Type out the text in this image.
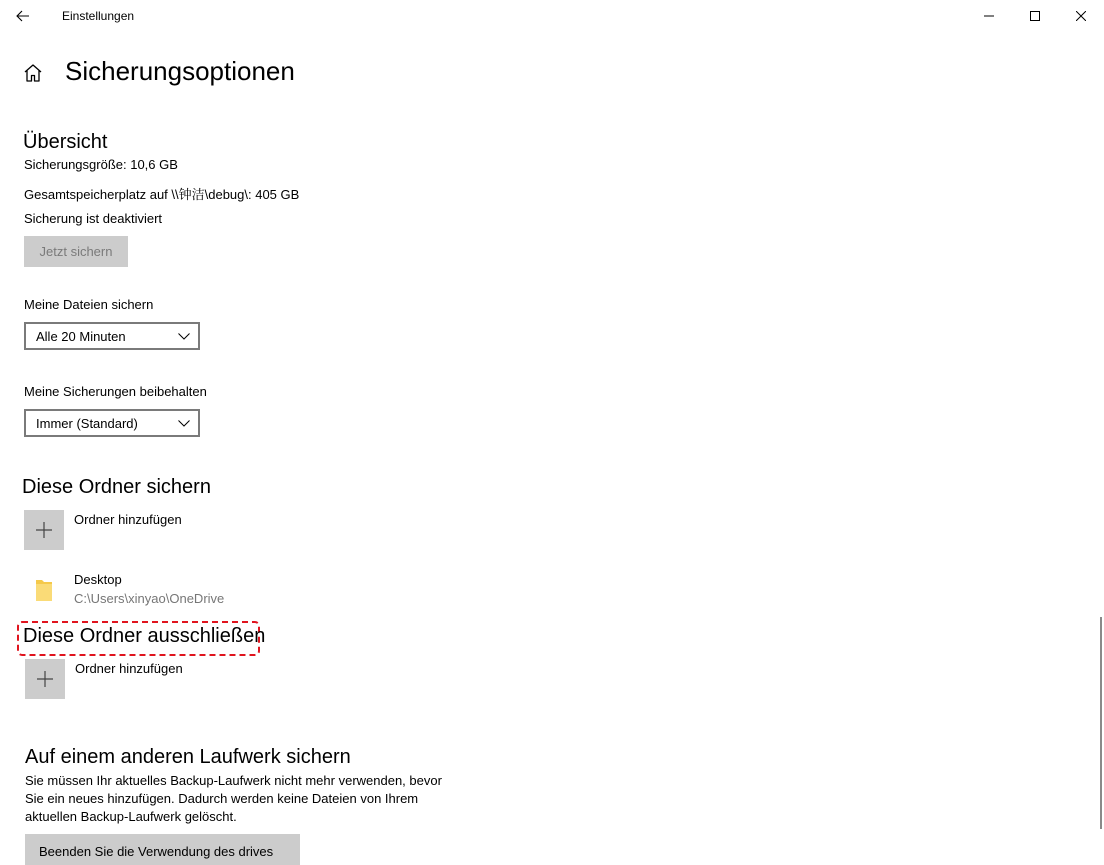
Einstellungen
Sicherungsoptionen
Übersicht
Sicherungsgröße: 10,6 GB
Gesamtspeicherplatz auf \\钟洁\debug\: 405 GB
Sicherung ist deaktiviert
Jetzt sichern
Meine Dateien sichern
Alle 20 Minuten
Meine Sicherungen beibehalten
Immer (Standard)
Diese Ordner sichern
Ordner hinzufügen
Desktop
C:\Users\xinyao\OneDrive
Diese Ordner ausschließen
Ordner hinzufügen
Auf einem anderen Laufwerk sichern
Sie müssen Ihr aktuelles Backup-Laufwerk nicht mehr verwenden, bevor
Sie ein neues hinzufügen. Dadurch werden keine Dateien von Ihrem
aktuellen Backup-Laufwerk gelöscht.
Beenden Sie die Verwendung des drives
